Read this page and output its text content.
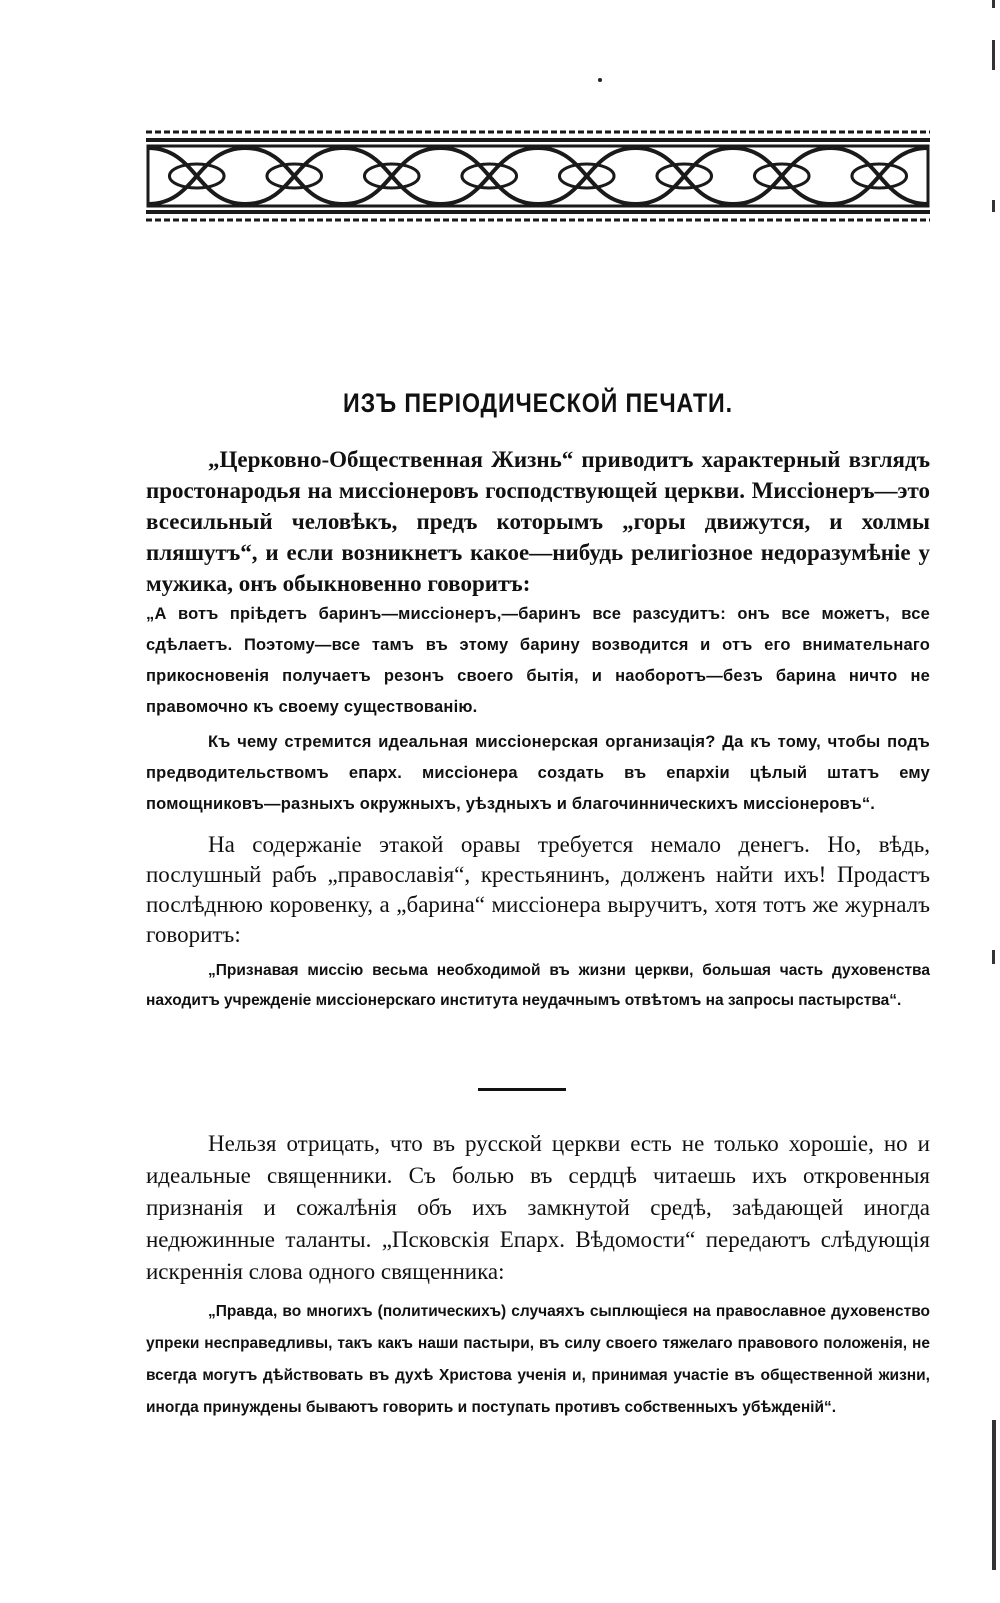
ИЗЪ ПЕРІОДИЧЕСКОЙ ПЕЧАТИ.

„Церковно-Общественная Жизнь“ приводитъ характерный взглядъ простонародья на миссіонеровъ господствующей церкви. Миссіонеръ—это всесильный человѣкъ, предъ которымъ „горы движутся, и холмы пляшутъ“, и если возникнетъ какое—нибудь религіозное недоразумѣніе у мужика, онъ обыкновенно говоритъ:

„А вотъ пріѣдетъ баринъ—миссіонеръ,—баринъ все разсудитъ: онъ все можетъ, все сдѣлаетъ. Поэтому—все тамъ въ этому барину возводится и отъ его внимательнаго прикосновенія получаетъ резонъ своего бытія, и наоборотъ—безъ барина ничто не правомочно къ своему существованію.

Къ чему стремится идеальная миссіонерская организація? Да къ тому, чтобы подъ предводительствомъ епарх. миссіонера создать въ епархіи цѣлый штатъ ему помощниковъ—разныхъ окружныхъ, уѣздныхъ и благочинническихъ миссіонеровъ“.

На содержаніе этакой оравы требуется немало денегъ. Но, вѣдь, послушный рабъ „православія“, крестьянинъ, долженъ найти ихъ! Продастъ послѣднюю коровенку, а „барина“ миссіонера выручитъ, хотя тотъ же журналъ говоритъ:

„Признавая миссію весьма необходимой въ жизни церкви, большая часть духовенства находитъ учрежденіе миссіонерскаго института неудачнымъ отвѣтомъ на запросы пастырства“.

Нельзя отрицать, что въ русской церкви есть не только хорошіе, но и идеальные священники. Съ болью въ сердцѣ читаешь ихъ откровенныя признанія и сожалѣнія объ ихъ замкнутой средѣ, заѣдающей иногда недюжинные таланты. „Псковскія Епарх. Вѣдомости“ передаютъ слѣдующія искреннія слова одного священника:

„Правда, во многихъ (политическихъ) случаяхъ сыплющіеся на православное духовенство упреки несправедливы, такъ какъ наши пастыри, въ силу своего тяжелаго правового положенія, не всегда могутъ дѣйствовать въ духѣ Христова ученія и, принимая участіе въ общественной жизни, иногда принуждены бываютъ говорить и поступать противъ собственныхъ убѣжденій“.
